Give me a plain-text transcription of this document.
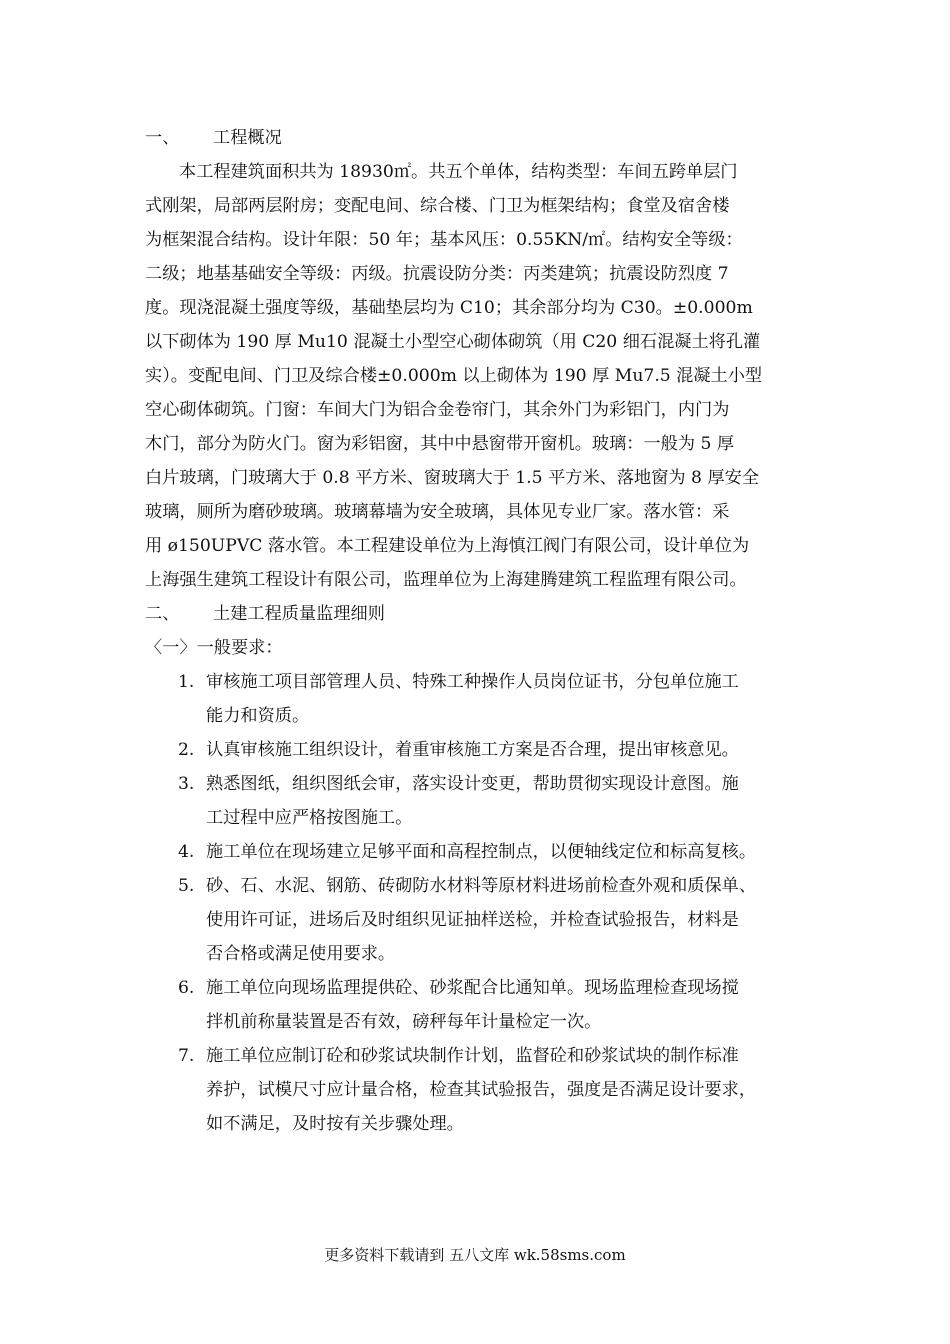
一、	工程概况
本工程建筑面积共为 18930㎡。共五个单体，结构类型：车间五跨单层门
式刚架，局部两层附房；变配电间、综合楼、门卫为框架结构；食堂及宿舍楼
为框架混合结构。设计年限：50 年；基本风压：0.55KN/㎡。结构安全等级：
二级；地基基础安全等级：丙级。抗震设防分类：丙类建筑；抗震设防烈度 7
度。现浇混凝土强度等级，基础垫层均为 C10；其余部分均为 C30。±0.000m
以下砌体为 190 厚 Mu10 混凝土小型空心砌体砌筑（用 C20 细石混凝土将孔灌
实）。变配电间、门卫及综合楼±0.000m 以上砌体为 190 厚 Mu7.5 混凝土小型
空心砌体砌筑。门窗：车间大门为铝合金卷帘门，其余外门为彩铝门，内门为
木门，部分为防火门。窗为彩铝窗，其中中悬窗带开窗机。玻璃：一般为 5 厚
白片玻璃，门玻璃大于 0.8 平方米、窗玻璃大于 1.5 平方米、落地窗为 8 厚安全
玻璃，厕所为磨砂玻璃。玻璃幕墙为安全玻璃，具体见专业厂家。落水管：采
用 ø150UPVC 落水管。本工程建设单位为上海慎江阀门有限公司，设计单位为
上海强生建筑工程设计有限公司，监理单位为上海建腾建筑工程监理有限公司。
二、	土建工程质量监理细则
〈一〉一般要求：
1. 审核施工项目部管理人员、特殊工种操作人员岗位证书，分包单位施工
能力和资质。
2. 认真审核施工组织设计，着重审核施工方案是否合理，提出审核意见。
3. 熟悉图纸，组织图纸会审，落实设计变更，帮助贯彻实现设计意图。施
工过程中应严格按图施工。
4. 施工单位在现场建立足够平面和高程控制点，以便轴线定位和标高复核。
5. 砂、石、水泥、钢筋、砖砌防水材料等原材料进场前检查外观和质保单、
使用许可证，进场后及时组织见证抽样送检，并检查试验报告，材料是
否合格或满足使用要求。
6. 施工单位向现场监理提供砼、砂浆配合比通知单。现场监理检查现场搅
拌机前称量装置是否有效，磅秤每年计量检定一次。
7. 施工单位应制订砼和砂浆试块制作计划，监督砼和砂浆试块的制作标准
养护，试模尺寸应计量合格，检查其试验报告，强度是否满足设计要求，
如不满足，及时按有关步骤处理。
更多资料下载请到 五八文库 wk.58sms.com
